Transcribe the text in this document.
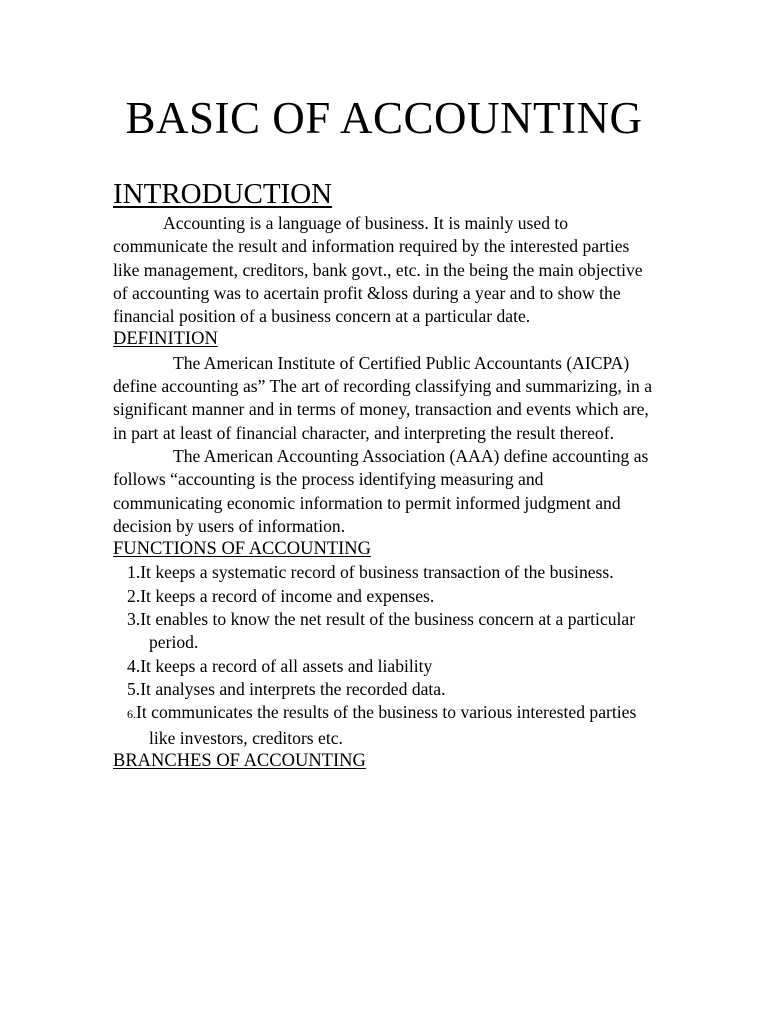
BASIC OF ACCOUNTING
INTRODUCTION

Accounting is a language of business. It is mainly used to communicate the result and information required by the interested parties like management, creditors, bank govt., etc. in the being the main objective of accounting was to acertain profit &loss during a year and to show the financial position of a business concern at a particular date.

DEFINITION

The American Institute of Certified Public Accountants (AICPA) define accounting as” The art of recording classifying and summarizing, in a significant manner and in terms of money, transaction and events which are, in part at least of financial character, and interpreting the result thereof.

The American Accounting Association (AAA) define accounting as follows “accounting is the process identifying measuring and communicating economic information to permit informed judgment and decision by users of information.

FUNCTIONS OF ACCOUNTING
1.It keeps a systematic record of business transaction of the business.
2.It keeps a record of income and expenses.
3.It enables to know the net result of the business concern at a particular period.
4.It keeps a record of all assets and liability
5.It analyses and interprets the recorded data.
6.It communicates the results of the business to various interested parties like investors, creditors etc.
BRANCHES OF ACCOUNTING
